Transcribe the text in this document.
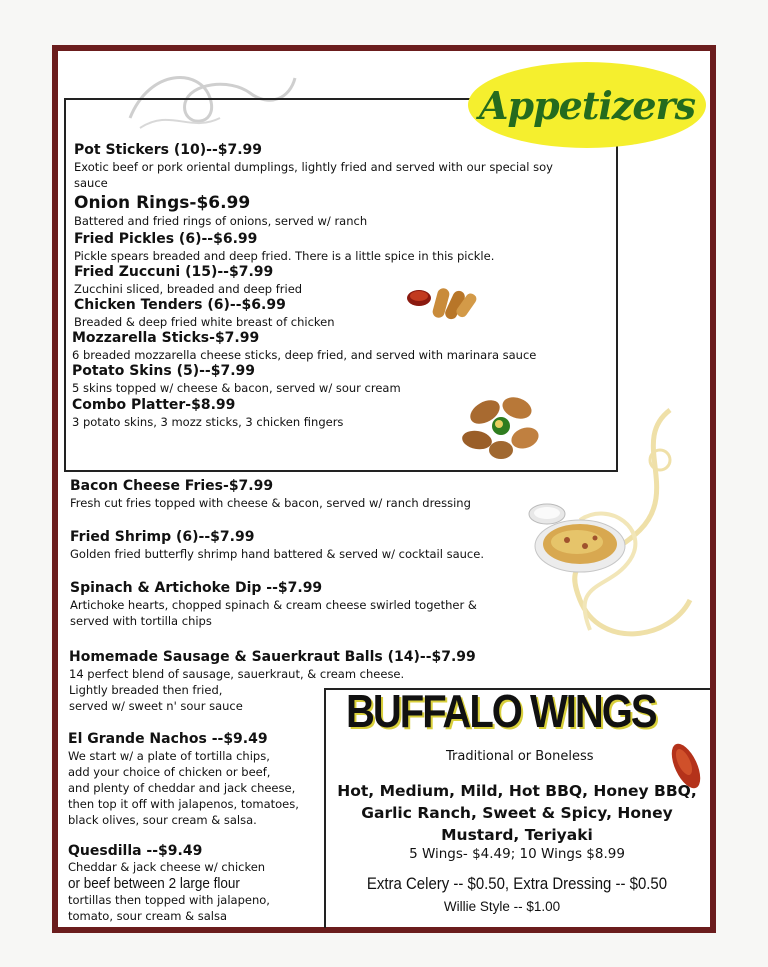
Appetizers
Pot Stickers (10)--$7.99
Exotic beef or pork oriental dumplings, lightly fried and served with our special soy
sauce
Onion Rings-$6.99
Battered and fried rings of onions, served w/ ranch
Fried Pickles (6)--$6.99
Pickle spears breaded and deep fried. There is a little spice in this pickle.
Fried Zuccuni (15)--$7.99
Zucchini sliced, breaded and deep fried
Chicken Tenders (6)--$6.99
Breaded & deep fried white breast of chicken
Mozzarella Sticks-$7.99
6 breaded mozzarella cheese sticks, deep fried, and served with marinara sauce
Potato Skins (5)--$7.99
5 skins topped w/ cheese & bacon, served w/ sour cream
Combo Platter-$8.99
3 potato skins, 3 mozz sticks, 3 chicken fingers
Bacon Cheese Fries-$7.99
Fresh cut fries topped with cheese & bacon, served w/ ranch dressing
Fried Shrimp (6)--$7.99
Golden fried butterfly shrimp hand battered & served w/ cocktail sauce.
Spinach & Artichoke Dip --$7.99
Artichoke hearts, chopped spinach & cream cheese swirled together &
served with tortilla chips
Homemade Sausage & Sauerkraut Balls (14)--$7.99
14 perfect blend of sausage, sauerkraut, & cream cheese.
Lightly breaded then fried,
served w/ sweet n' sour sauce
El Grande Nachos --$9.49
We start w/ a plate of tortilla chips,
add your choice of chicken or beef,
and plenty of cheddar and jack cheese,
then top it off with jalapenos, tomatoes,
black olives, sour cream & salsa.
Quesdilla --$9.49
Cheddar & jack cheese w/ chicken
or beef between 2 large flour
tortillas then topped with jalapeno,
tomato, sour cream & salsa
BUFFALO WINGS
Traditional or Boneless
Hot, Medium, Mild, Hot BBQ, Honey BBQ,
Garlic Ranch, Sweet & Spicy, Honey
Mustard, Teriyaki
5 Wings- $4.49; 10 Wings $8.99
Extra Celery -- $0.50, Extra Dressing -- $0.50
Willie Style -- $1.00
